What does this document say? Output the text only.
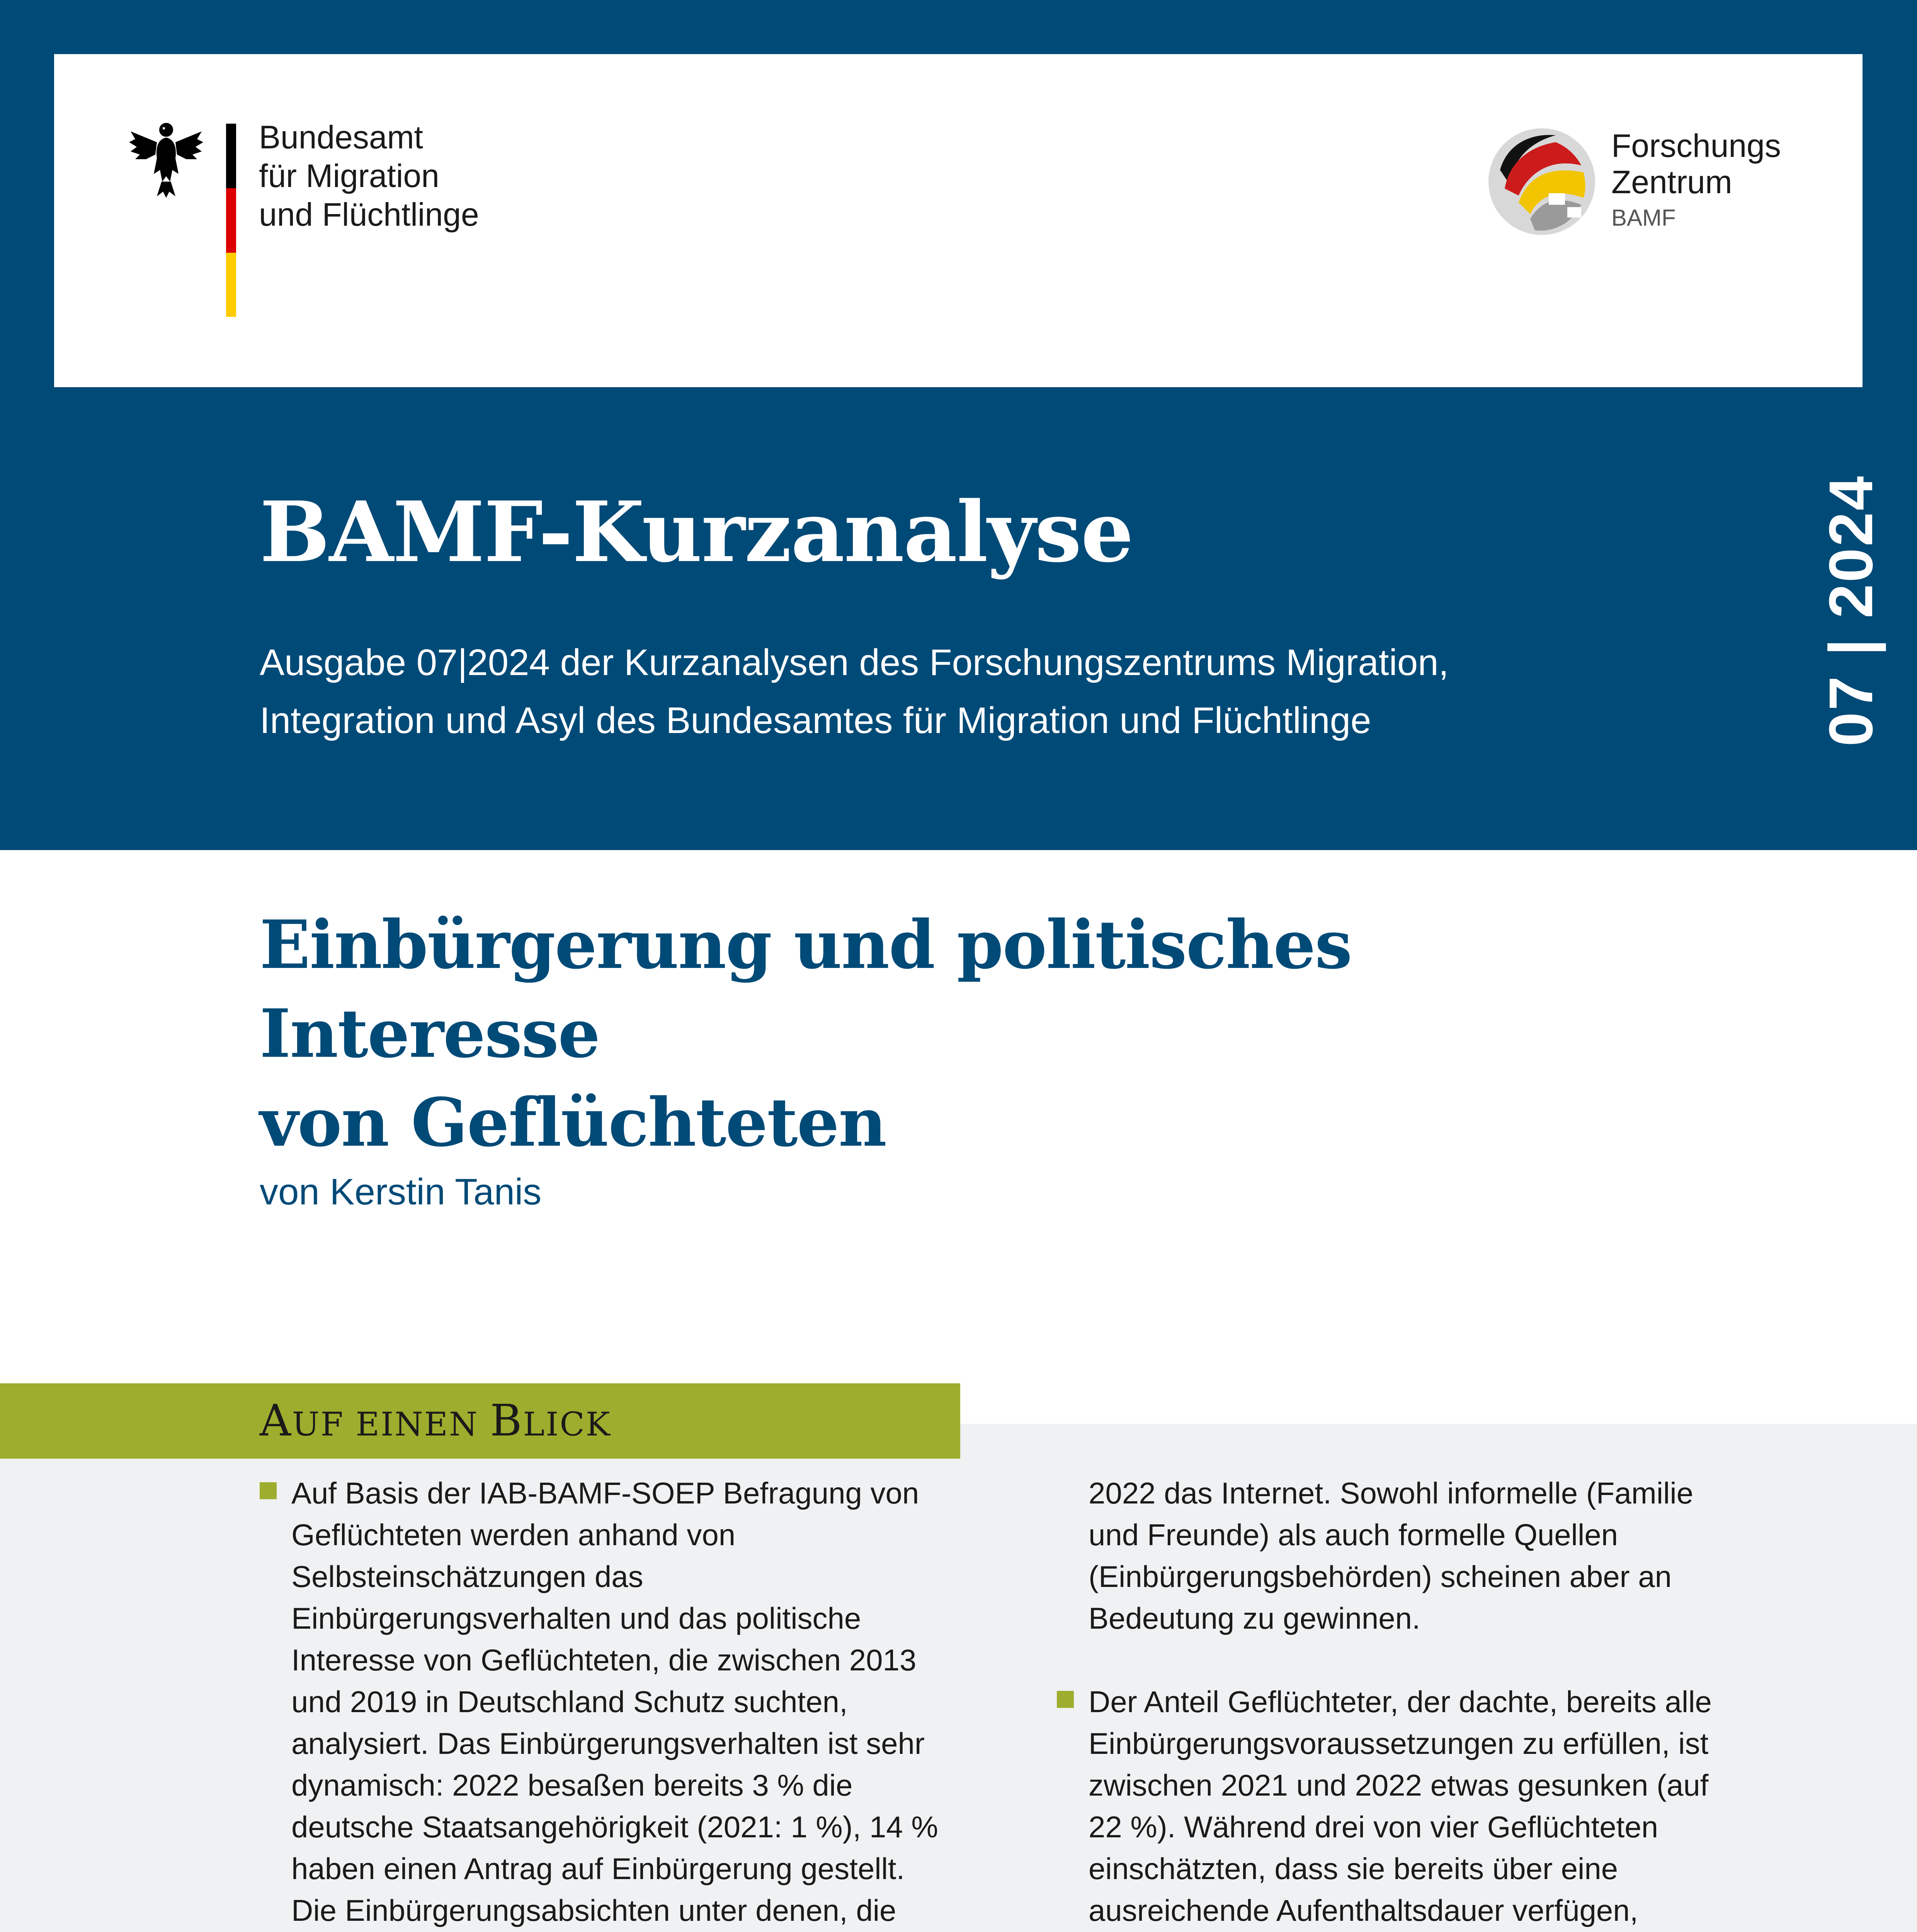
Bundesamt
für Migration
und Flüchtlinge
Forschungs
Zentrum
BAMF
BAMF-Kurzanalyse
Ausgabe 07|2024 der Kurzanalysen des Forschungszentrums Migration,
Integration und Asyl des Bundesamtes für Migration und Flüchtlinge	07 | 2024
Einbürgerung und politisches Interesse
von Geflüchteten
von Kerstin Tanis
AUF EINEN BLICK
Auf Basis der IAB-BAMF-SOEP Befragung von Geflüchteten werden anhand von Selbsteinschätzungen das Einbürgerungsverhalten und das politische Interesse von Geflüchteten, die zwischen 2013 und 2019 in Deutschland Schutz suchten, analysiert. Das Einbürgerungsverhalten ist sehr dynamisch: 2022 besaßen bereits 3 % die deutsche Staatsangehörigkeit (2021: 1 %), 14 % haben einen Antrag auf Einbürgerung gestellt. Die Einbürgerungsabsichten unter denen, die
2022 das Internet. Sowohl informelle (Familie und Freunde) als auch formelle Quellen (Einbürgerungsbehörden) scheinen aber an Bedeutung zu gewinnen.
Der Anteil Geflüchteter, der dachte, bereits alle Einbürgerungsvoraussetzungen zu erfüllen, ist zwischen 2021 und 2022 etwas gesunken (auf 22 %). Während drei von vier Geflüchteten einschätzten, dass sie bereits über eine ausreichende Aufenthaltsdauer verfügen,
